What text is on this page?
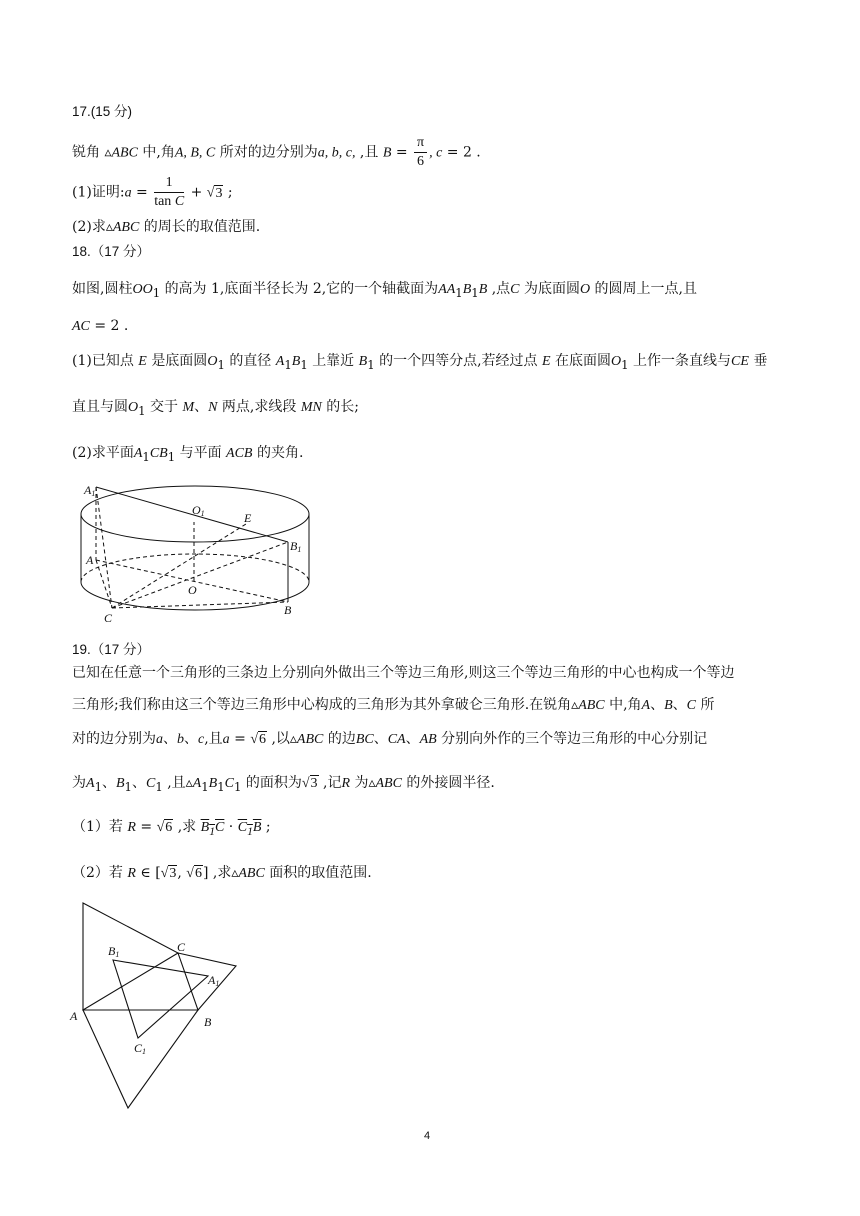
17.(15 分)
锐角 ▵ABC 中,角A, B, C 所对的边分别为a, b, c, ,且 $B = \frac{\pi}{6}$ , c = 2 .
(1)证明:a = $\frac{1}{\text{tan C}} + √3$ ;
(2)求▵ABC 的周长的取值范围.
18.（17 分）
如图,圆柱$OO_1$ 的高为 1,底面半径长为 2,它的一个轴截面为$AA_1B_1B$ ,点C 为底面圆O 的圆周上一点,且
AC = 2 .
(1)已知点 E 是底面圆$O_1$ 的直径 $A_1B_1$ 上靠近 $B_1$ 的一个四等分点,若经过点 E 在底面圆$O_1$ 上作一条直线与CE 垂
直且与圆$O_1$ 交于 M、N 两点,求线段 MN 的长;
(2)求平面$A_1CB_1$ 与平面 ACB 的夹角.
A1
O1	E
B1
A
O
C
B
19.（17 分）
已知在任意一个三角形的三条边上分别向外做出三个等边三角形,则这三个等边三角形的中心也构成一个等边
三角形;我们称由这三个等边三角形中心构成的三角形为其外拿破仑三角形.在锐角▵ABC 中,角A、B、C 所
对的边分别为a、b、c,且a = √6 ,以▵ABC 的边BC、CA、AB 分别向外作的三个等边三角形的中心分别记
为$A_1$、$B_1$、$C_1$ ,且$▵A_1B_1C_1$ 的面积为√3 ,记R 为▵ABC 的外接圆半径.
（1）若 R = √6 ,求 $B_1C \cdot C_1B$ ;
（2）若 R ∈ [√3, √6] ,求▵ABC 面积的取值范围.
B1
C
A1
A	B
C1
4
